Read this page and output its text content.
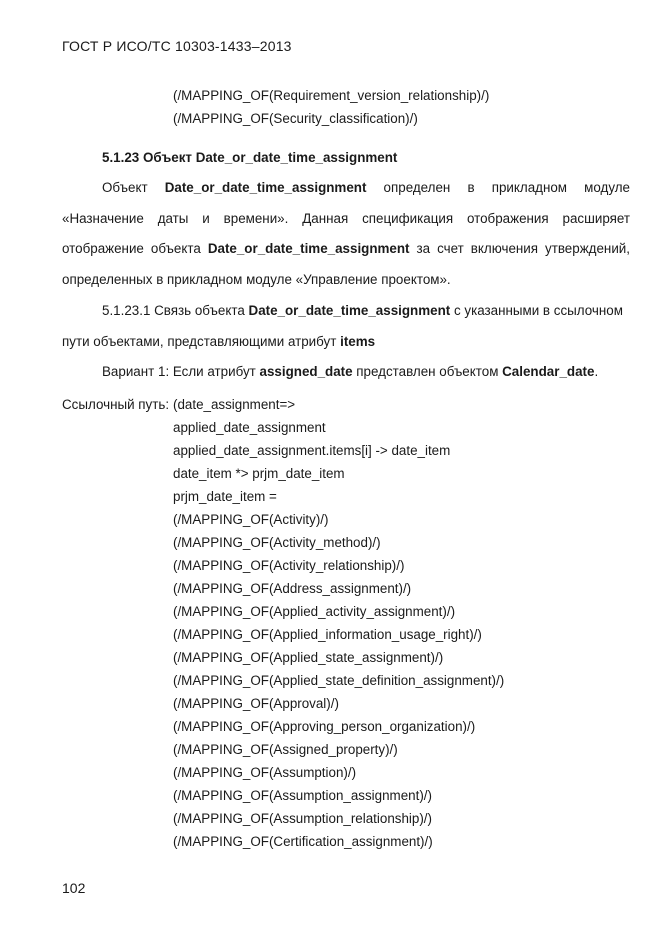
ГОСТ Р ИСО/ТС 10303-1433–2013
(/MAPPING_OF(Requirement_version_relationship)/)
(/MAPPING_OF(Security_classification)/)
5.1.23 Объект Date_or_date_time_assignment
Объект Date_or_date_time_assignment определен в прикладном модуле
«Назначение даты и времени». Данная спецификация отображения расширяет
отображение объекта Date_or_date_time_assignment за счет включения утверждений,
определенных в прикладном модуле «Управление проектом».
5.1.23.1 Связь объекта Date_or_date_time_assignment с указанными в ссылочном
пути объектами, представляющими атрибут items
Вариант 1: Если атрибут assigned_date представлен объектом Calendar_date.
Ссылочный путь: (date_assignment=>
applied_date_assignment
applied_date_assignment.items[i] -> date_item
date_item *> prjm_date_item
prjm_date_item =
(/MAPPING_OF(Activity)/)
(/MAPPING_OF(Activity_method)/)
(/MAPPING_OF(Activity_relationship)/)
(/MAPPING_OF(Address_assignment)/)
(/MAPPING_OF(Applied_activity_assignment)/)
(/MAPPING_OF(Applied_information_usage_right)/)
(/MAPPING_OF(Applied_state_assignment)/)
(/MAPPING_OF(Applied_state_definition_assignment)/)
(/MAPPING_OF(Approval)/)
(/MAPPING_OF(Approving_person_organization)/)
(/MAPPING_OF(Assigned_property)/)
(/MAPPING_OF(Assumption)/)
(/MAPPING_OF(Assumption_assignment)/)
(/MAPPING_OF(Assumption_relationship)/)
(/MAPPING_OF(Certification_assignment)/)
102
